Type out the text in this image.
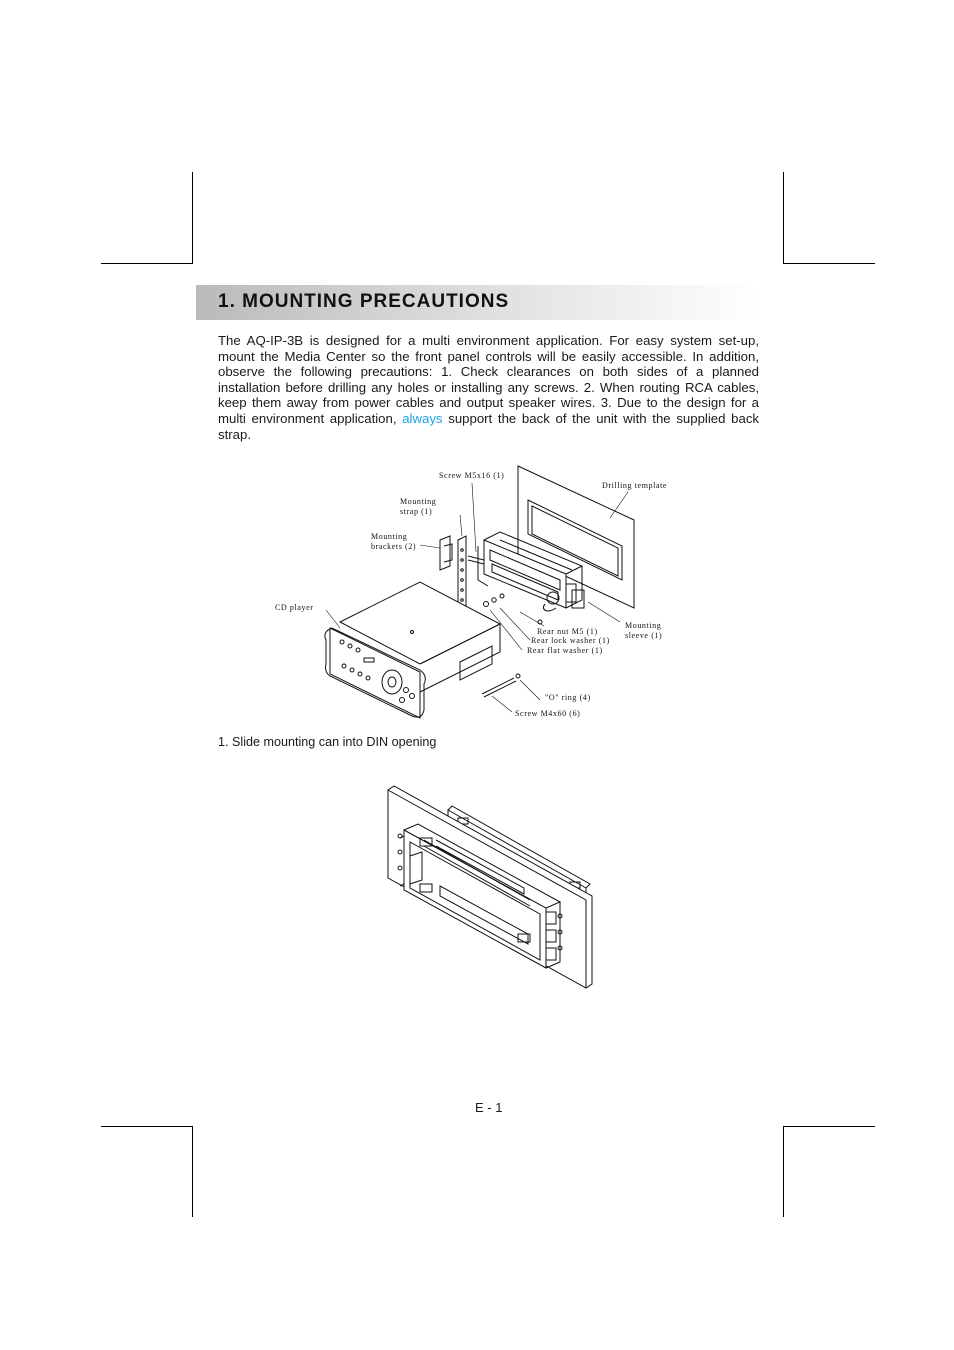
1. MOUNTING PRECAUTIONS

The AQ-IP-3B is designed for a multi environment application. For easy system set-up, mount the Media Center so the front panel controls will be easily accessible. In addition, observe the following precautions: 1. Check clearances on both sides of a planned installation before drilling any holes or installing any screws. 2. When routing RCA cables, keep them away from power cables and output speaker wires. 3. Due to the design for a multi environment application, always support the back of the unit with the supplied back strap.

Screw M5x16 (1)
Drilling template
Mounting
strap (1)
Mounting
brackets (2)
CD player
Rear nut M5 (1)
Rear lock washer (1)
Rear flat washer (1)
Mounting
sleeve (1)
"O" ring (4)
Screw M4x60 (6)

1. Slide mounting can into DIN opening

E - 1
